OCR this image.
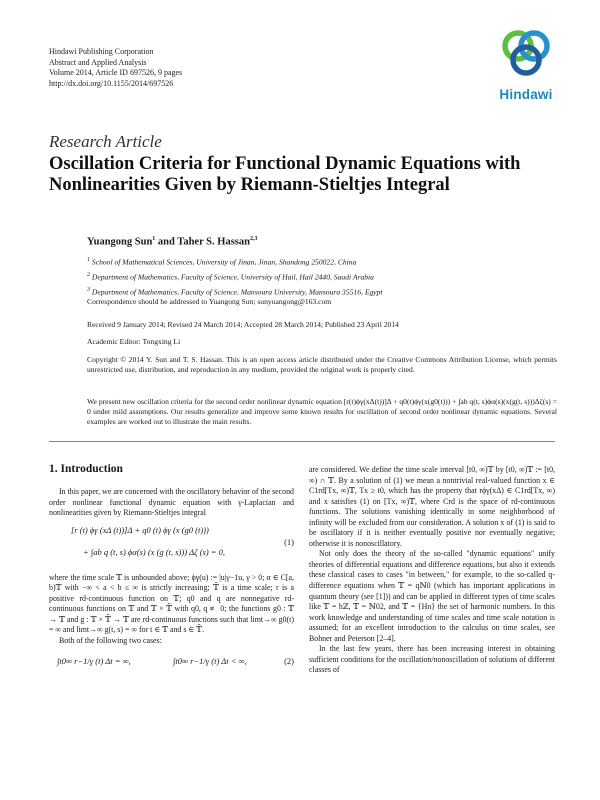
Hindawi Publishing Corporation
Abstract and Applied Analysis
Volume 2014, Article ID 697526, 9 pages
http://dx.doi.org/10.1155/2014/697526
Hindawi
Research Article
Oscillation Criteria for Functional Dynamic Equations with Nonlinearities Given by Riemann-Stieltjes Integral
Yuangong Sun$^1$ and Taher S. Hassan$^{2,3}$
$^1$ School of Mathematical Sciences, University of Jinan, Jinan, Shandong 250022, China
$^2$ Department of Mathematics, Faculty of Science, University of Hail, Hail 2440, Saudi Arabia
$^3$ Department of Mathematics, Faculty of Science, Mansoura University, Mansoura 35516, Egypt
Correspondence should be addressed to Yuangong Sun; sunyuangong@163.com
Received 9 January 2014; Revised 24 March 2014; Accepted 28 March 2014; Published 23 April 2014
Academic Editor: Tongxing Li
Copyright © 2014 Y. Sun and T. S. Hassan. This is an open access article distributed under the Creative Commons Attribution License, which permits unrestricted use, distribution, and reproduction in any medium, provided the original work is properly cited.
We present new oscillation criteria for the second order nonlinear dynamic equation [r(t)ϕγ(xΔ(t))]Δ + q0(t)ϕγ(x(g0(t))) + ∫ab q(t, s)ϕα(s)(x(g(t, s)))Δζ(s) = 0 under mild assumptions. Our results generalize and improve some known results for oscillation of second order nonlinear dynamic equations. Several examples are worked out to illustrate the main results.
1. Introduction

In this paper, we are concerned with the oscillatory behavior of the second order nonlinear functional dynamic equation with γ-Laplacian and nonlinearities given by Riemann-Stieltjes integral

[r (t) ϕγ (xΔ (t))]Δ + q0 (t) ϕγ (x (g0 (t)))
+ ∫ab q (t, s) ϕα(s) (x (g (t, s))) Δζ (s) = 0,
(1)

where the time scale 𝕋 is unbounded above; ϕγ(u) := |u|γ−1u, γ > 0; α ∈ C[a, b)𝕋 with −∞ < a < b ≤ ∞ is strictly increasing; 𝕋̃ is a time scale; r is a positive rd-continuous function on 𝕋; q0 and q are nonnegative rd-continuous functions on 𝕋 and 𝕋 × 𝕋̃ with q0, q ≢ 0; the functions g0 : 𝕋 → 𝕋 and g : 𝕋 × 𝕋̃ → 𝕋 are rd-continuous functions such that limt→∞ g0(t) = ∞ and limt→∞ g(t, s) = ∞ for t ∈ 𝕋 and s ∈ 𝕋̃.

Both of the following two cases:

∫t0∞ r−1/γ (t) Δt = ∞,	∫t0∞ r−1/γ (t) Δt < ∞,	(2)

are considered. We define the time scale interval [t0, ∞)𝕋 by [t0, ∞)𝕋 := [t0, ∞) ∩ 𝕋. By a solution of (1) we mean a nontrivial real-valued function x ∈ C1rd[Tx, ∞)𝕋, Tx ≥ t0, which has the property that rϕγ(xΔ) ∈ C1rd[Tx, ∞) and x satisfies (1) on [Tx, ∞)𝕋, where Crd is the space of rd-continuous functions. The solutions vanishing identically in some neighborhood of infinity will be excluded from our consideration. A solution x of (1) is said to be oscillatory if it is neither eventually positive nor eventually negative; otherwise it is nonoscillatory.

Not only does the theory of the so-called "dynamic equations" unify theories of differential equations and difference equations, but also it extends these classical cases to cases "in between," for example, to the so-called q-difference equations when 𝕋 = qℕ0 (which has important applications in quantum theory (see [1])) and can be applied in different types of time scales like 𝕋 = hℤ, 𝕋 = ℕ02, and 𝕋 = {Hn} the set of harmonic numbers. In this work knowledge and understanding of time scales and time scale notation is assumed; for an excellent introduction to the calculus on time scales, see Bohner and Peterson [2–4].

In the last few years, there has been increasing interest in obtaining sufficient conditions for the oscillation/nonoscillation of solutions of different classes of
